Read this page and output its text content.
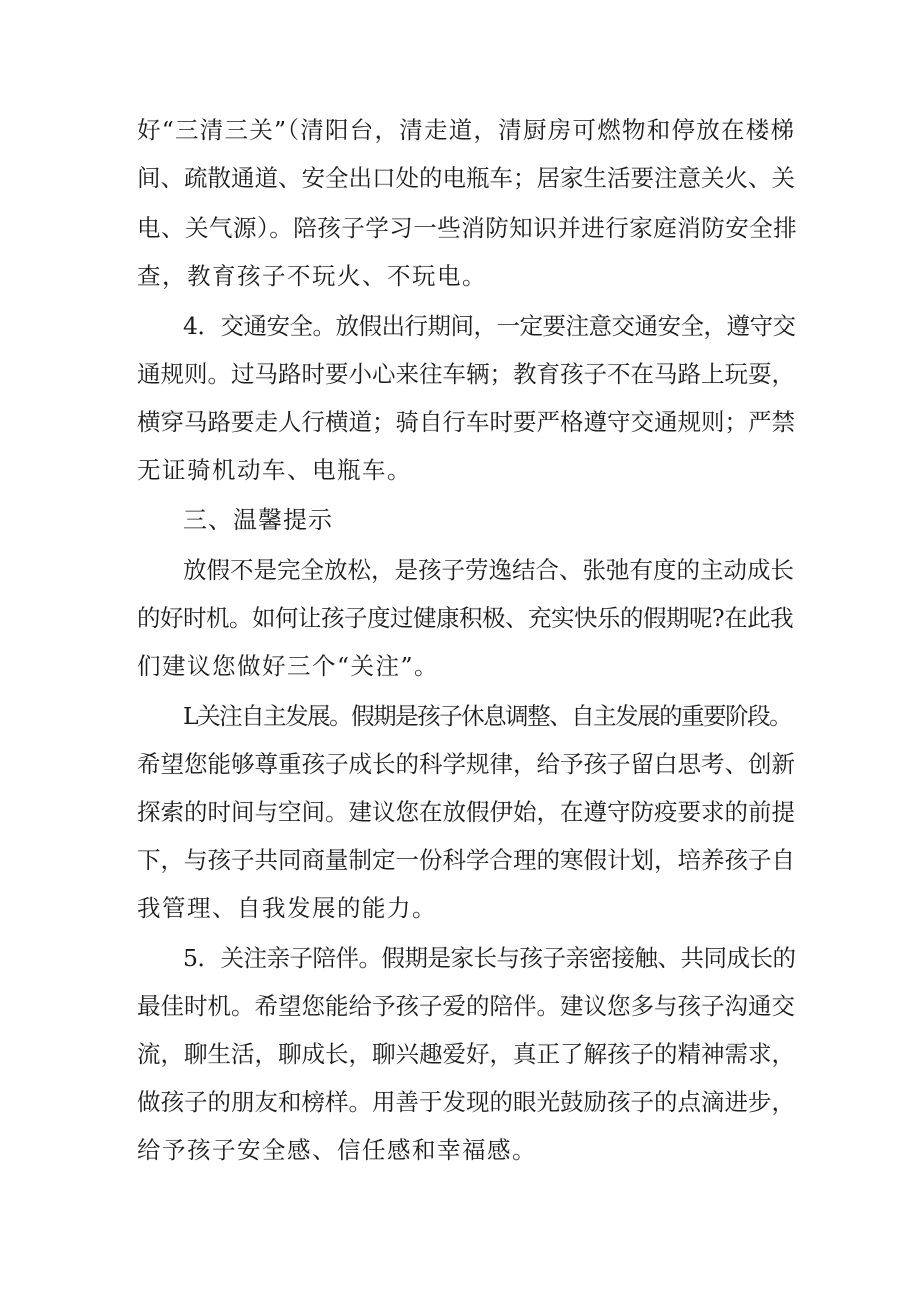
好“三清三关”（清阳台，清走道，清厨房可燃物和停放在楼梯
间、疏散通道、安全出口处的电瓶车；居家生活要注意关火、关
电、关气源）。陪孩子学习一些消防知识并进行家庭消防安全排
查，教育孩子不玩火、不玩电。
4．交通安全。放假出行期间，一定要注意交通安全，遵守交
通规则。过马路时要小心来往车辆；教育孩子不在马路上玩耍，
横穿马路要走人行横道；骑自行车时要严格遵守交通规则；严禁
无证骑机动车、电瓶车。
三、温馨提示
放假不是完全放松，是孩子劳逸结合、张弛有度的主动成长
的好时机。如何让孩子度过健康积极、充实快乐的假期呢?在此我
们建议您做好三个“关注”。
L关注自主发展。假期是孩子休息调整、自主发展的重要阶段。
希望您能够尊重孩子成长的科学规律，给予孩子留白思考、创新
探索的时间与空间。建议您在放假伊始，在遵守防疫要求的前提
下，与孩子共同商量制定一份科学合理的寒假计划，培养孩子自
我管理、自我发展的能力。
5．关注亲子陪伴。假期是家长与孩子亲密接触、共同成长的
最佳时机。希望您能给予孩子爱的陪伴。建议您多与孩子沟通交
流，聊生活，聊成长，聊兴趣爱好，真正了解孩子的精神需求，
做孩子的朋友和榜样。用善于发现的眼光鼓励孩子的点滴进步，
给予孩子安全感、信任感和幸福感。
